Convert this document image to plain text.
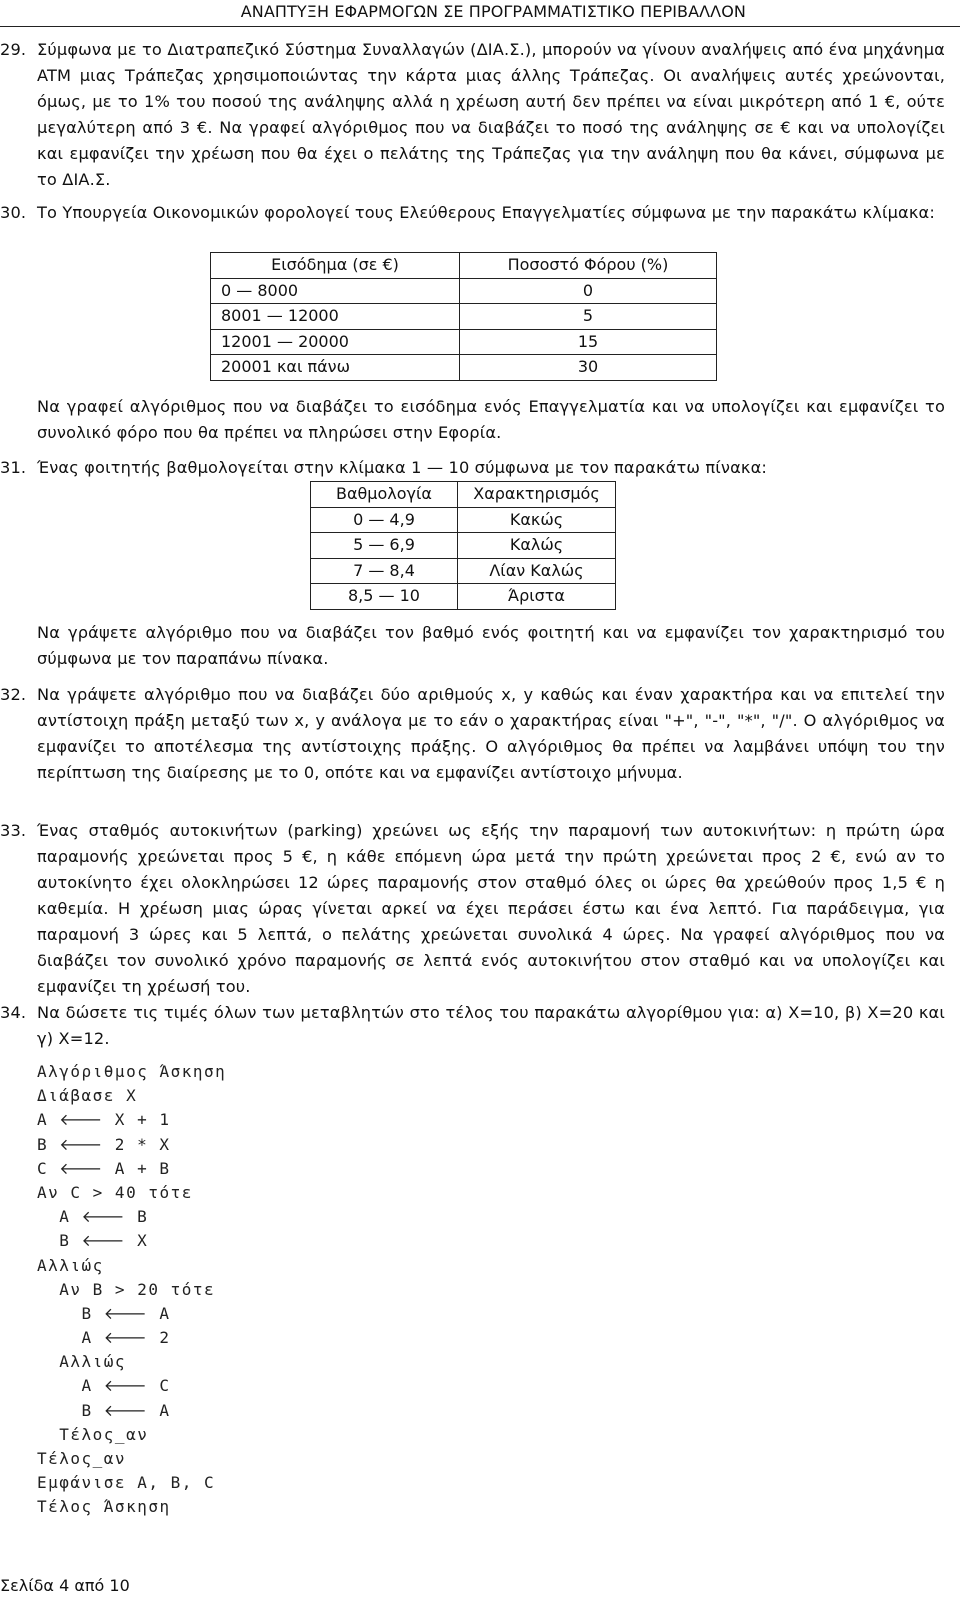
ΑΝΑΠΤΥΞΗ ΕΦΑΡΜΟΓΩΝ ΣΕ ΠΡΟΓΡΑΜΜΑΤΙΣΤΙΚΟ ΠΕΡΙΒΑΛΛΟΝ
29. Σύμφωνα με το Διατραπεζικό Σύστημα Συναλλαγών (ΔΙΑ.Σ.), μπορούν να γίνουν αναλήψεις από ένα μηχάνημα ATM μιας Τράπεζας χρησιμοποιώντας την κάρτα μιας άλλης Τράπεζας. Οι αναλήψεις αυτές χρεώνονται, όμως, με το 1% του ποσού της ανάληψης αλλά η χρέωση αυτή δεν πρέπει να είναι μικρότερη από 1 €, ούτε μεγαλύτερη από 3 €. Να γραφεί αλγόριθμος που να διαβάζει το ποσό της ανάληψης σε € και να υπολογίζει και εμφανίζει την χρέωση που θα έχει ο πελάτης της Τράπεζας για την ανάληψη που θα κάνει, σύμφωνα με το ΔΙΑ.Σ.
30. Το Υπουργεία Οικονομικών φορολογεί τους Ελεύθερους Επαγγελματίες σύμφωνα με την παρακάτω κλίμακα:
Εισόδημα (σε €)	Ποσοστό Φόρου (%)
0 — 8000	0
8001 — 12000	5
12001 — 20000	15
20001 και πάνω	30
Να γραφεί αλγόριθμος που να διαβάζει το εισόδημα ενός Επαγγελματία και να υπολογίζει και εμφανίζει το συνολικό φόρο που θα πρέπει να πληρώσει στην Εφορία.
31. Ένας φοιτητής βαθμολογείται στην κλίμακα 1 — 10 σύμφωνα με τον παρακάτω πίνακα:
Βαθμολογία	Χαρακτηρισμός
0 — 4,9	Κακώς
5 — 6,9	Καλώς
7 — 8,4	Λίαν Καλώς
8,5 — 10	Άριστα
Να γράψετε αλγόριθμο που να διαβάζει τον βαθμό ενός φοιτητή και να εμφανίζει τον χαρακτηρισμό του σύμφωνα με τον παραπάνω πίνακα.
32. Να γράψετε αλγόριθμο που να διαβάζει δύο αριθμούς x, y καθώς και έναν χαρακτήρα και να επιτελεί την αντίστοιχη πράξη μεταξύ των x, y ανάλογα με το εάν ο χαρακτήρας είναι "+", "-", "*", "/". Ο αλγόριθμος να εμφανίζει το αποτέλεσμα της αντίστοιχης πράξης. Ο αλγόριθμος θα πρέπει να λαμβάνει υπόψη του την περίπτωση της διαίρεσης με το 0, οπότε και να εμφανίζει αντίστοιχο μήνυμα.
33. Ένας σταθμός αυτοκινήτων (parking) χρεώνει ως εξής την παραμονή των αυτοκινήτων: η πρώτη ώρα παραμονής χρεώνεται προς 5 €, η κάθε επόμενη ώρα μετά την πρώτη χρεώνεται προς 2 €, ενώ αν το αυτοκίνητο έχει ολοκληρώσει 12 ώρες παραμονής στον σταθμό όλες οι ώρες θα χρεώθούν προς 1,5 € η καθεμία. Η χρέωση μιας ώρας γίνεται αρκεί να έχει περάσει έστω και ένα λεπτό. Για παράδειγμα, για παραμονή 3 ώρες και 5 λεπτά, ο πελάτης χρεώνεται συνολικά 4 ώρες. Να γραφεί αλγόριθμος που να διαβάζει τον συνολικό χρόνο παραμονής σε λεπτά ενός αυτοκινήτου στον σταθμό και να υπολογίζει και εμφανίζει τη χρέωσή του.
34. Να δώσετε τις τιμές όλων των μεταβλητών στο τέλος του παρακάτω αλγορίθμου για: α) Χ=10, β) Χ=20 και γ) Χ=12.
Αλγόριθμος Άσκηση
Διάβασε Χ
Α 🡐 Χ + 1
Β 🡐 2 * Χ
C 🡐 Α + Β
Αν C > 40 τότε
Α 🡐 Β
Β 🡐 Χ
Αλλιώς
Αν Β > 20 τότε
Β 🡐 Α
Α 🡐 2
Αλλιώς
Α 🡐 C
Β 🡐 Α
Τέλος_αν
Τέλος_αν
Εμφάνισε Α, Β, C
Τέλος Άσκηση
Σελίδα 4 από 10
